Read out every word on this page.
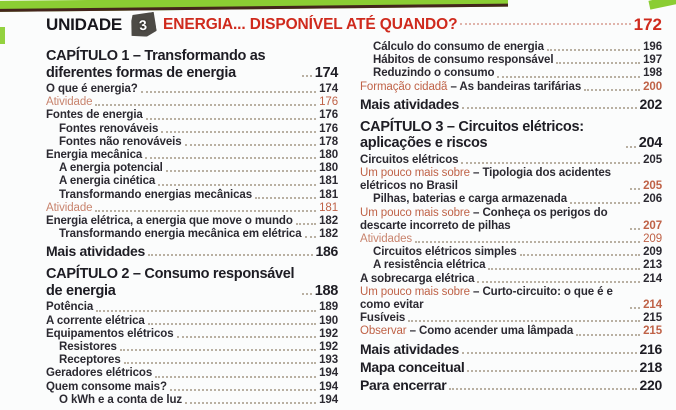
UNIDADE	3 ENERGIA... DISPONÍVEL ATÉ QUANDO?	172
CAPÍTULO 1 – Transformando as diferentes formas de energia	174
O que é energia?	174
Atividade	176
Fontes de energia	176
Fontes renováveis	176
Fontes não renováveis	178
Energia mecânica	180
A energia potencial	180
A energia cinética	181
Transformando energias mecânicas	181
Atividade	181
Energia elétrica, a energia que move o mundo 182
Transformando energia mecânica em elétrica 182
Mais atividades	186
CAPÍTULO 2 – Consumo responsável de energia	188
Potência	189
A corrente elétrica	190
Equipamentos elétricos	192
Resistores	192
Receptores	193
Geradores elétricos	194
Quem consome mais?	194
O kWh e a conta de luz	194
Cálculo do consumo de energia	196
Hábitos de consumo responsável	197
Reduzindo o consumo	198
Formação cidadã – As bandeiras tarifárias	200
Mais atividades	202
CAPÍTULO 3 – Circuitos elétricos: aplicações e riscos	204
Circuitos elétricos	205
Um pouco mais sobre – Tipologia dos acidentes elétricos no Brasil	205
Pilhas, baterias e carga armazenada	206
Um pouco mais sobre – Conheça os perigos do descarte incorreto de pilhas	207
Atividades	209
Circuitos elétricos simples	209
A resistência elétrica	213
A sobrecarga elétrica	214
Um pouco mais sobre – Curto-circuito: o que é e como evitar	214
Fusíveis	215
Observar – Como acender uma lâmpada	215
Mais atividades	216
Mapa conceitual	218
Para encerrar	220
